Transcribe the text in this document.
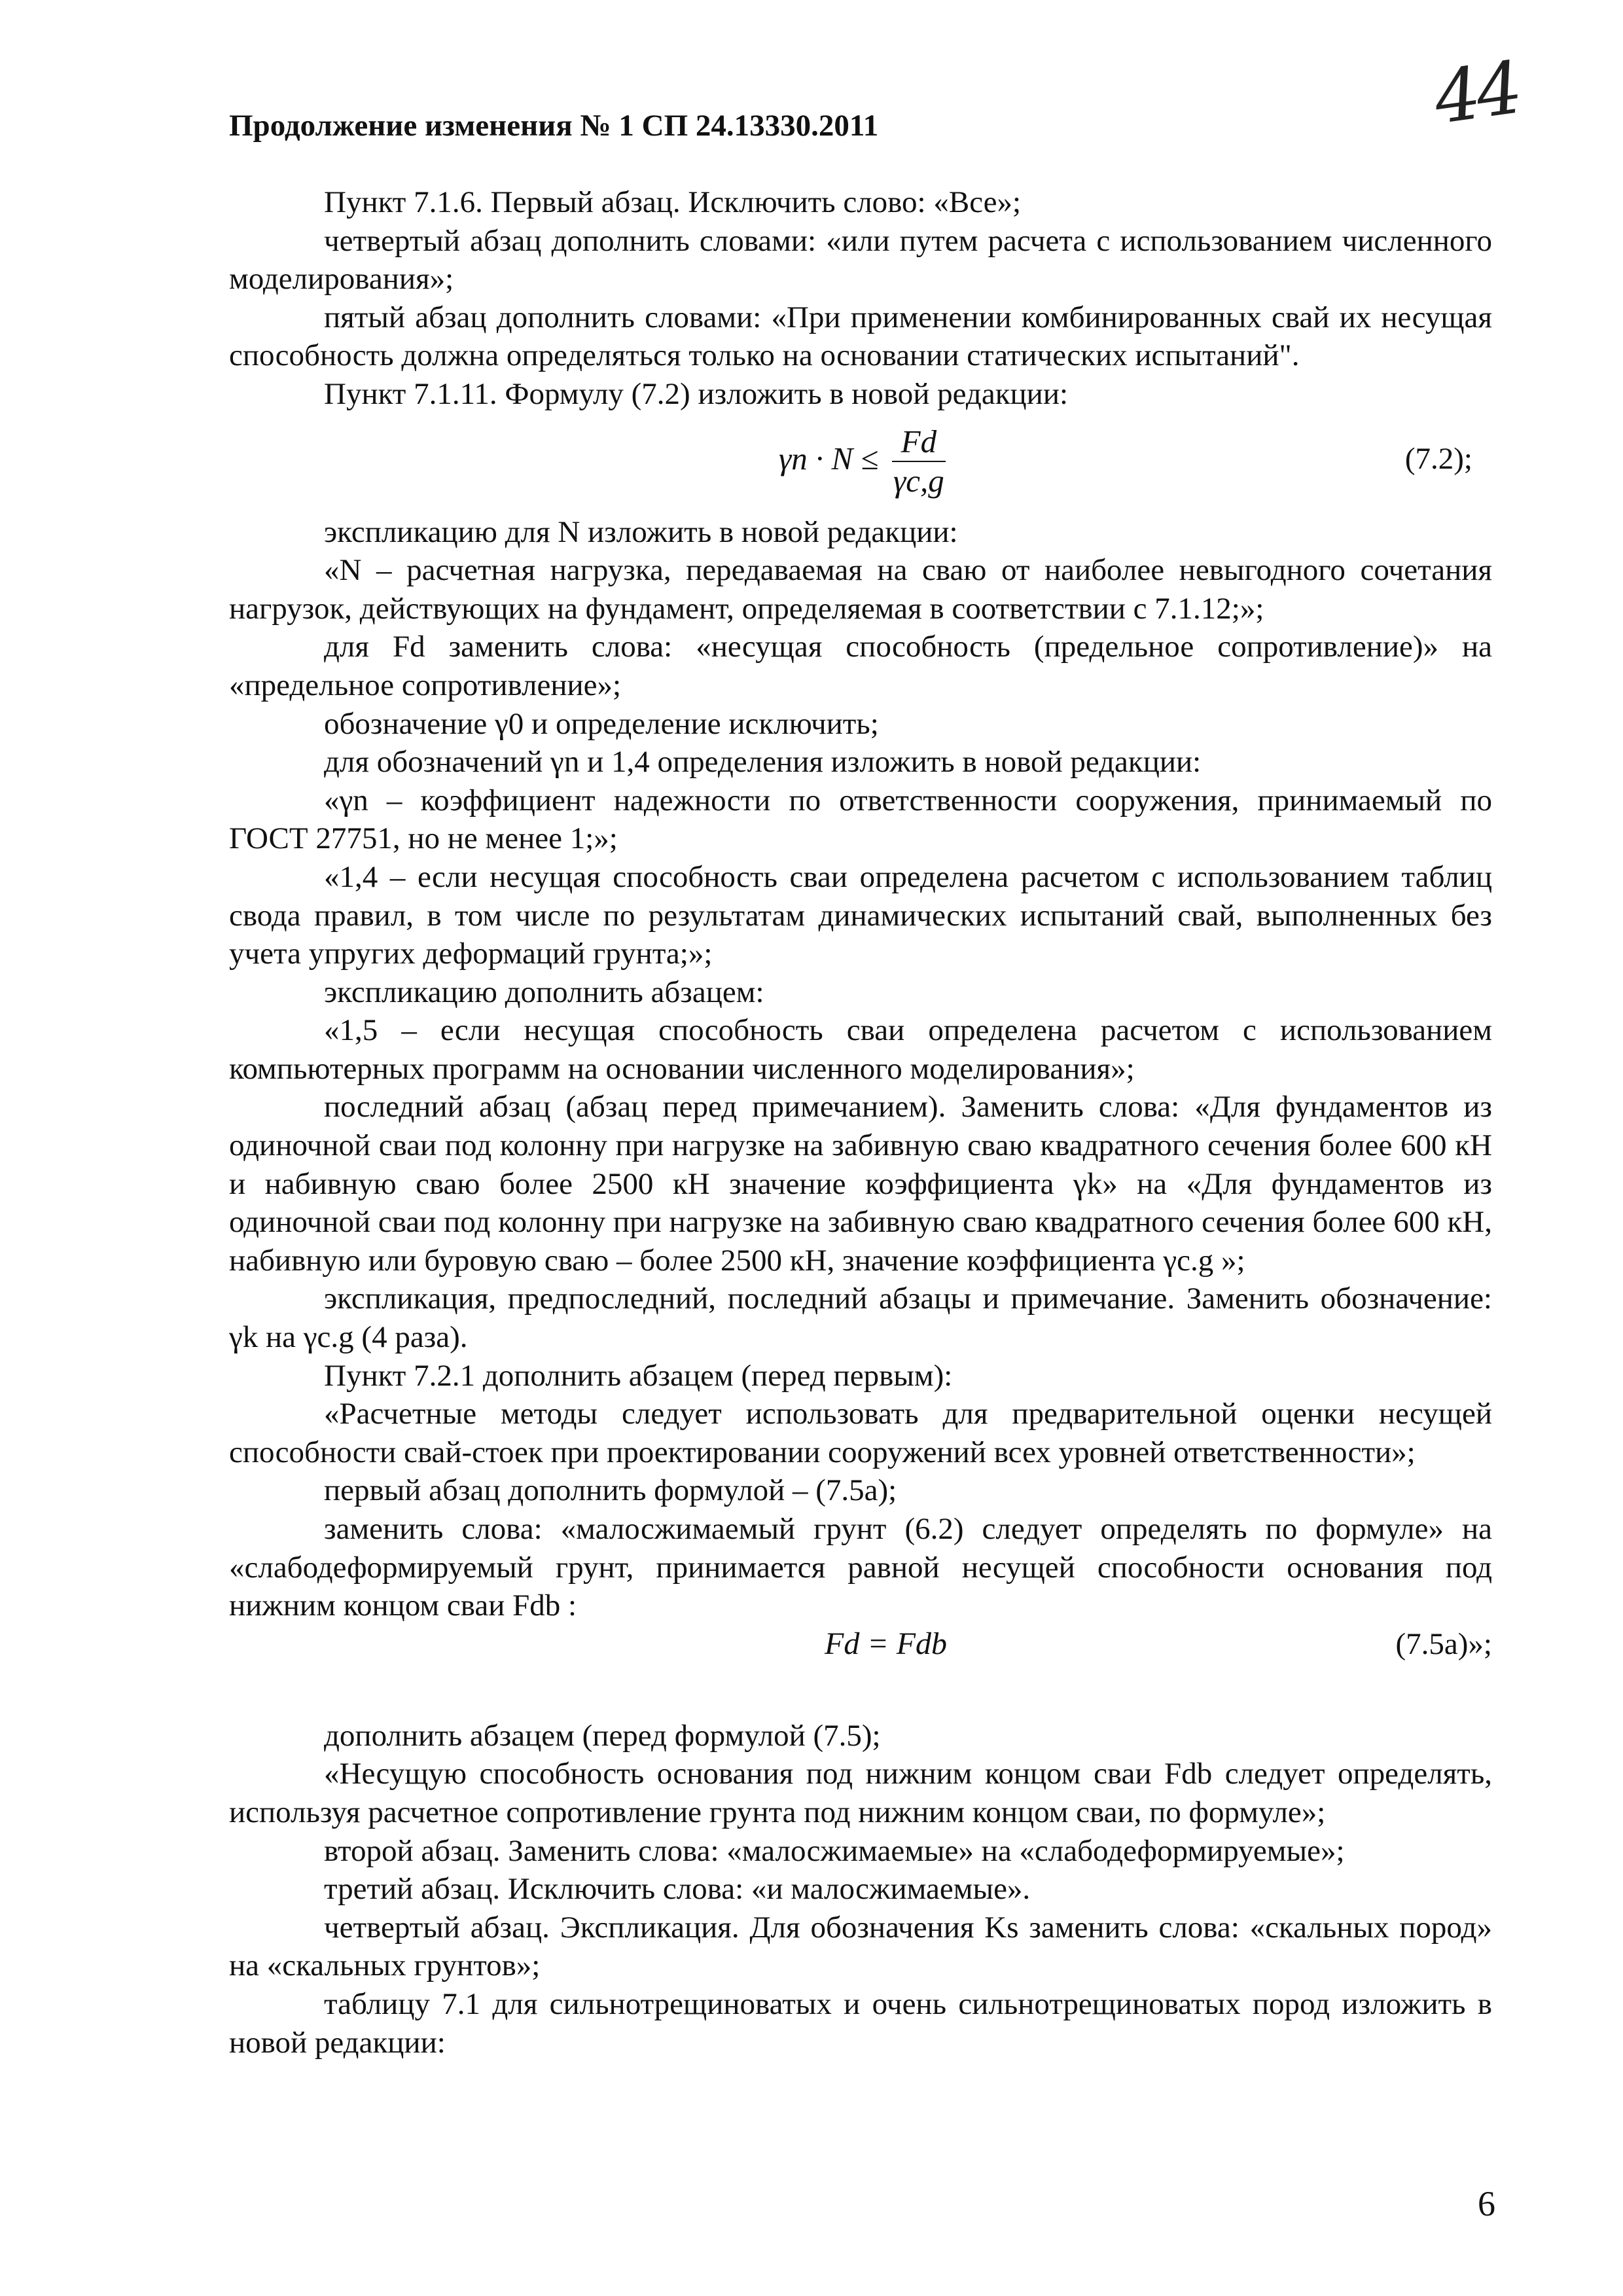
44
Продолжение изменения № 1 СП 24.13330.2011

Пункт 7.1.6. Первый абзац. Исключить слово: «Все»;

четвертый абзац дополнить словами: «или путем расчета с использованием численного моделирования»;

пятый абзац дополнить словами: «При применении комбинированных свай их несущая способность должна определяться только на основании статических испытаний".

Пункт 7.1.11. Формулу (7.2) изложить в новой редакции:

$\gamma n \cdot N \le \frac{Fd}{\gamma c,g}$	(7.2);

экспликацию для N изложить в новой редакции:

«N – расчетная нагрузка, передаваемая на сваю от наиболее невыгодного сочетания нагрузок, действующих на фундамент, определяемая в соответствии с 7.1.12;»;

для Fd заменить слова: «несущая способность (предельное сопротивление)» на «предельное сопротивление»;

обозначение γ0 и определение исключить;

для обозначений γn и 1,4 определения изложить в новой редакции:

«γn – коэффициент надежности по ответственности сооружения, принимаемый по ГОСТ 27751, но не менее 1;»;

«1,4 – если несущая способность сваи определена расчетом с использованием таблиц свода правил, в том числе по результатам динамических испытаний свай, выполненных без учета упругих деформаций грунта;»;

экспликацию дополнить абзацем:

«1,5 – если несущая способность сваи определена расчетом с использованием компьютерных программ на основании численного моделирования»;

последний абзац (абзац перед примечанием). Заменить слова: «Для фундаментов из одиночной сваи под колонну при нагрузке на забивную сваю квадратного сечения более 600 кН и набивную сваю более 2500 кН значение коэффициента γk» на «Для фундаментов из одиночной сваи под колонну при нагрузке на забивную сваю квадратного сечения более 600 кН, набивную или буровую сваю – более 2500 кН, значение коэффициента γc.g »;

экспликация, предпоследний, последний абзацы и примечание. Заменить обозначение: γk на γc.g (4 раза).

Пункт 7.2.1 дополнить абзацем (перед первым):

«Расчетные методы следует использовать для предварительной оценки несущей способности свай-стоек при проектировании сооружений всех уровней ответственности»;

первый абзац дополнить формулой – (7.5а);

заменить слова: «малосжимаемый грунт (6.2) следует определять по формуле» на «слабодеформируемый грунт, принимается равной несущей способности основания под нижним концом сваи Fdb :

Fd = Fdb	(7.5а)»;

дополнить абзацем (перед формулой (7.5);

«Несущую способность основания под нижним концом сваи Fdb следует определять, используя расчетное сопротивление грунта под нижним концом сваи, по формуле»;

второй абзац. Заменить слова: «малосжимаемые» на «слабодеформируемые»;

третий абзац. Исключить слова: «и малосжимаемые».

четвертый абзац. Экспликация. Для обозначения Ks заменить слова: «скальных пород» на «скальных грунтов»;

таблицу 7.1 для сильнотрещиноватых и очень сильнотрещиноватых пород изложить в новой редакции:

6
